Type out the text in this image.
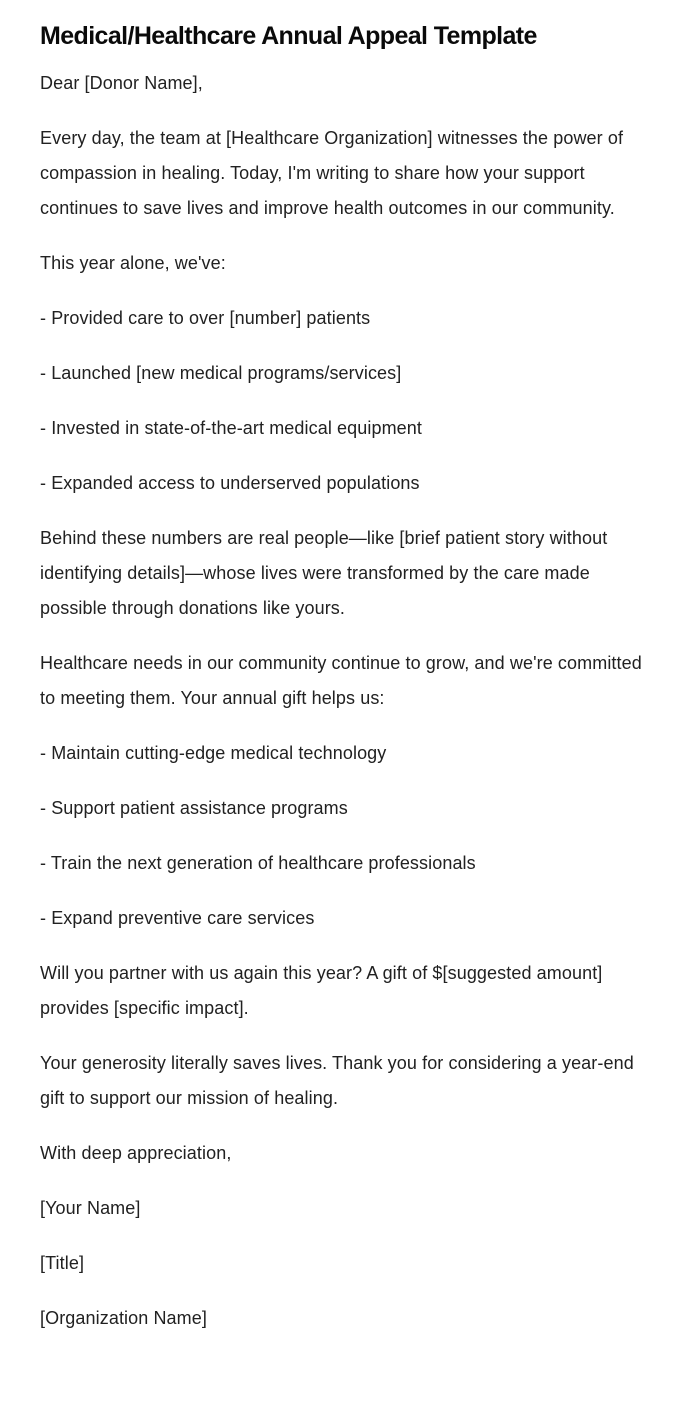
Medical/Healthcare Annual Appeal Template

Dear [Donor Name],

Every day, the team at [Healthcare Organization] witnesses the power of compassion in healing. Today, I'm writing to share how your support continues to save lives and improve health outcomes in our community.

This year alone, we've:

- Provided care to over [number] patients

- Launched [new medical programs/services]

- Invested in state-of-the-art medical equipment

- Expanded access to underserved populations

Behind these numbers are real people—like [brief patient story without identifying details]—whose lives were transformed by the care made possible through donations like yours.

Healthcare needs in our community continue to grow, and we're committed to meeting them. Your annual gift helps us:

- Maintain cutting-edge medical technology

- Support patient assistance programs

- Train the next generation of healthcare professionals

- Expand preventive care services

Will you partner with us again this year? A gift of $[suggested amount] provides [specific impact].

Your generosity literally saves lives. Thank you for considering a year-end gift to support our mission of healing.

With deep appreciation,

[Your Name]

[Title]

[Organization Name]
